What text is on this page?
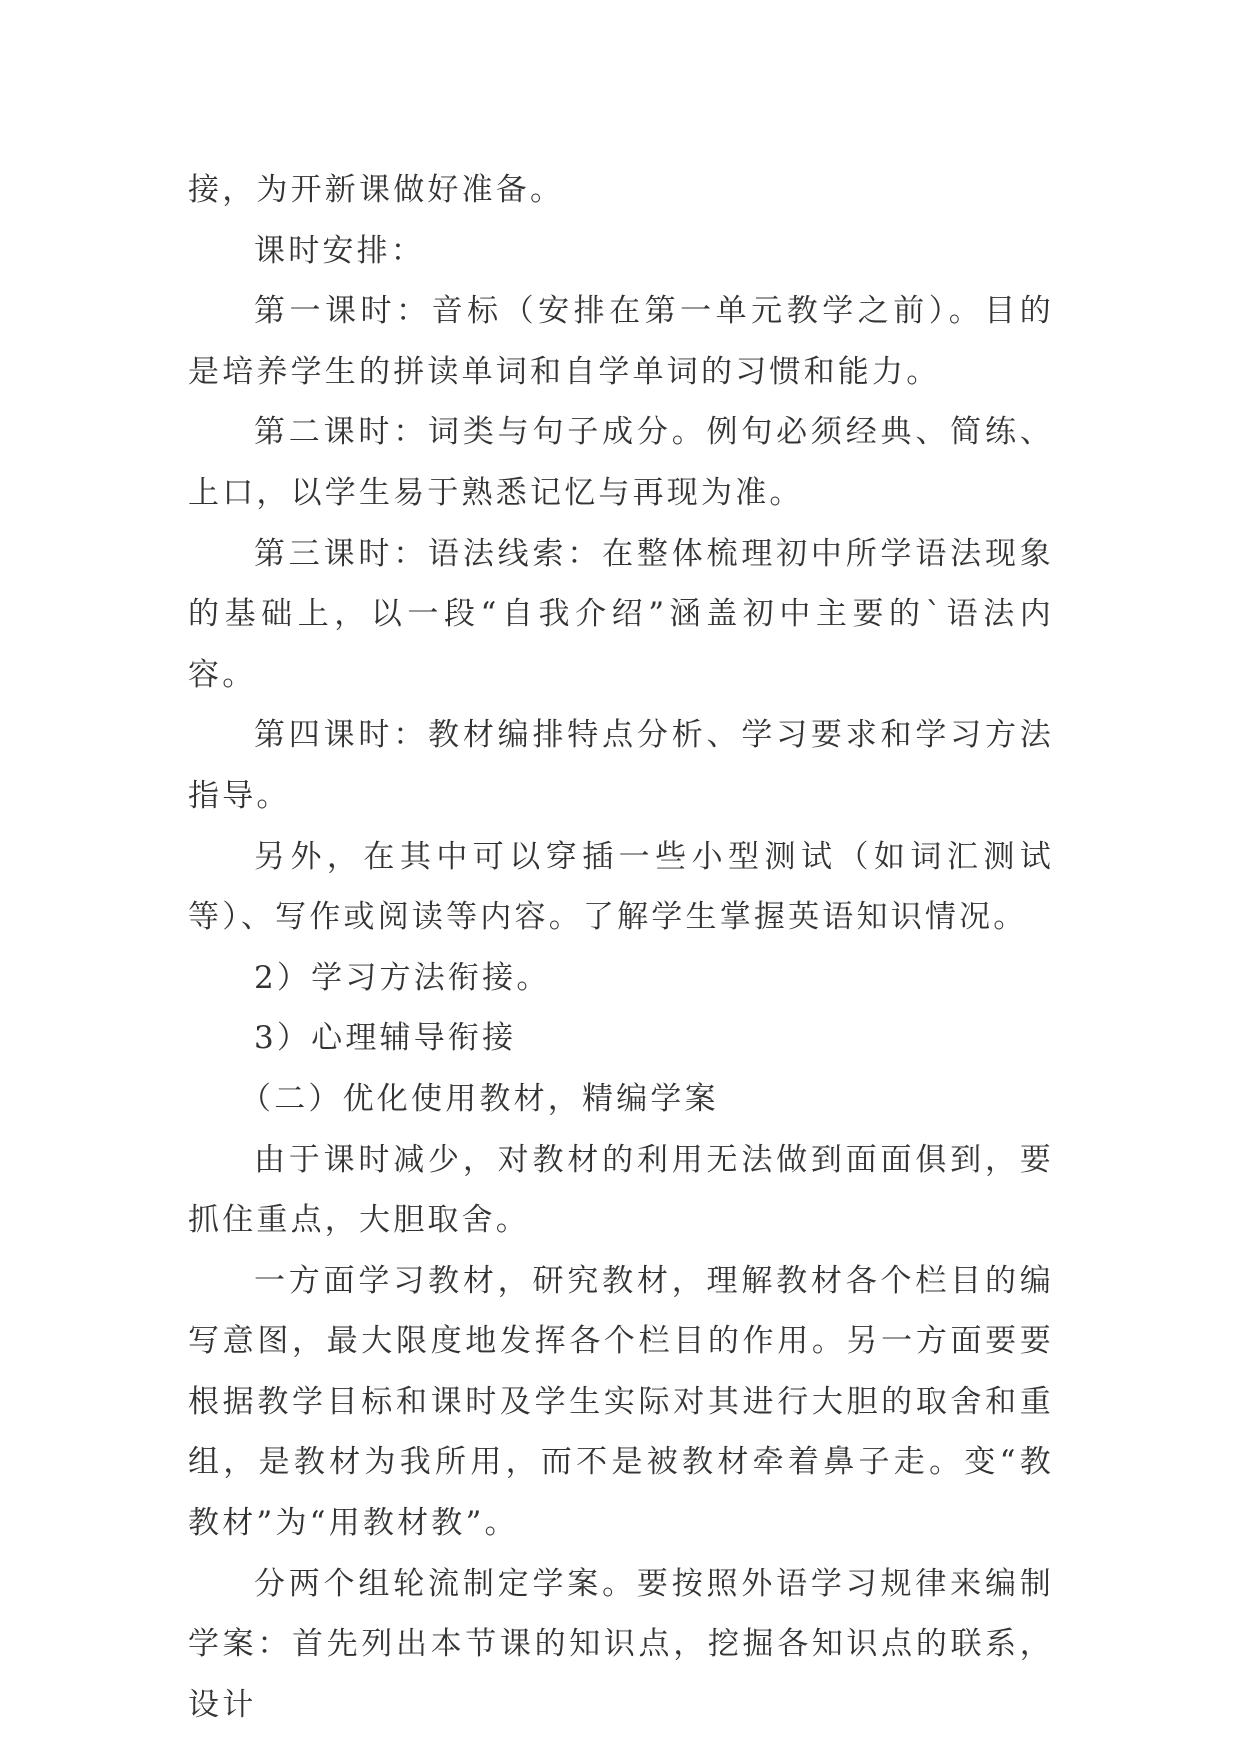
接，为开新课做好准备。

课时安排：

第一课时：音标（安排在第一单元教学之前）。目的是培养学生的拼读单词和自学单词的习惯和能力。

第二课时：词类与句子成分。例句必须经典、简练、上口，以学生易于熟悉记忆与再现为准。

第三课时：语法线索：在整体梳理初中所学语法现象的基础上，以一段“自我介绍”涵盖初中主要的`语法内容。

第四课时：教材编排特点分析、学习要求和学习方法指导。

另外，在其中可以穿插一些小型测试（如词汇测试等）、写作或阅读等内容。了解学生掌握英语知识情况。

2）学习方法衔接。

3）心理辅导衔接

（二）优化使用教材，精编学案

由于课时减少，对教材的利用无法做到面面俱到，要抓住重点，大胆取舍。

一方面学习教材，研究教材，理解教材各个栏目的编写意图，最大限度地发挥各个栏目的作用。另一方面要要根据教学目标和课时及学生实际对其进行大胆的取舍和重组，是教材为我所用，而不是被教材牵着鼻子走。变“教教材”为“用教材教”。

分两个组轮流制定学案。要按照外语学习规律来编制学案：首先列出本节课的知识点，挖掘各知识点的联系，设计
